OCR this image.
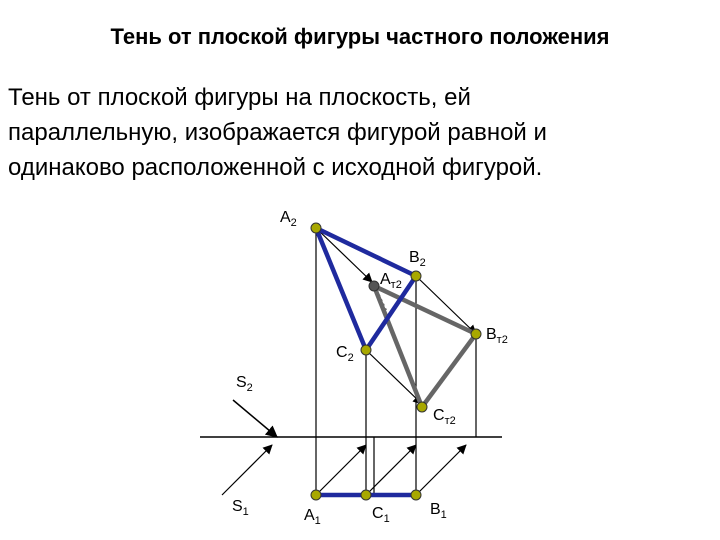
Тень от плоской фигуры частного положения
Тень от плоской фигуры на плоскость, ей
параллельную, изображается фигурой равной и
одинаково расположенной с исходной фигурой.
$A_2$
$B_2$
$A_{т2}$
$B_{т2}$
$C_2$
$S_2$
$C_{т2}$
$S_1$	$A_1$	$C_1$
$B_1$
